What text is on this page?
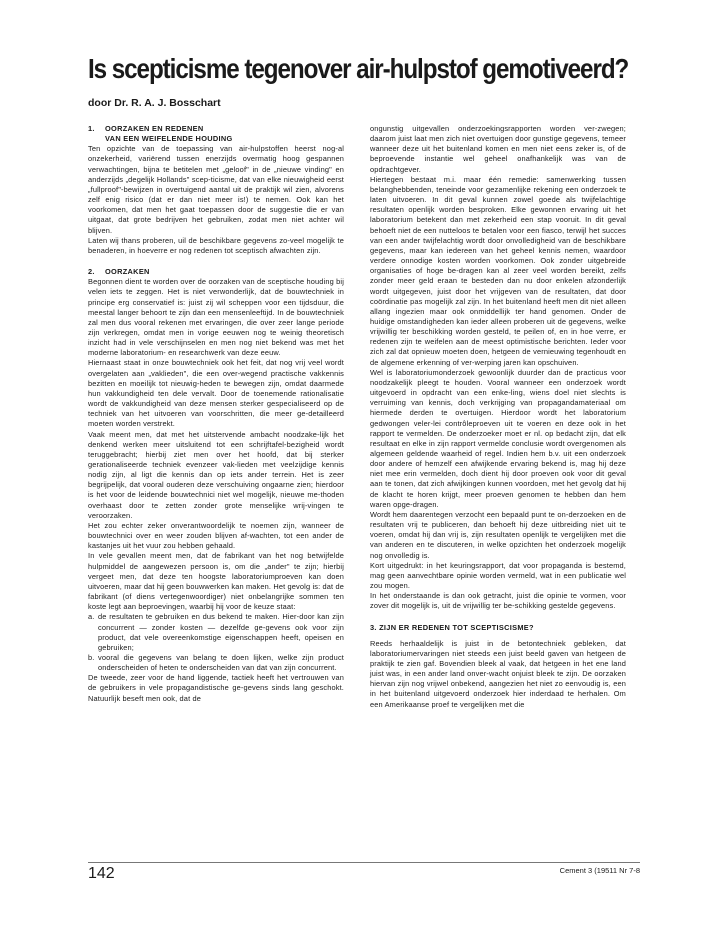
Is scepticisme tegenover air-hulpstof gemotiveerd?
door Dr. R. A. J. Bosschart

1. OORZAKEN EN REDENEN

VAN EEN WEIFELENDE HOUDING

Ten opzichte van de toepassing van air-hulpstoffen heerst nog-al onzekerheid, variërend tussen enerzijds overmatig hoog gespannen verwachtingen, bijna te betitelen met „geloof" in de „nieuwe vinding" en anderzijds „degelijk Hollands" scep-ticisme, dat van elke nieuwigheid eerst „fullproof"-bewijzen in overtuigend aantal uit de praktijk wil zien, alvorens zelf enig risico (dat er dan niet meer is!) te nemen. Ook kan het voorkomen, dat men het gaat toepassen door de suggestie die er van uitgaat, dat grote bedrijven het gebruiken, zodat men niet achter wil blijven.

Laten wij thans proberen, uil de beschikbare gegevens zo-veel mogelijk te benaderen, in hoeverre er nog redenen tot sceptisch afwachten zijn.

2. OORZAKEN

Begonnen dient te worden over de oorzaken van de sceptische houding bij velen iets te zeggen. Het is niet verwonderlijk, dat de bouwtechniek in principe erg conservatief is: juist zij wil scheppen voor een tijdsduur, die meestal langer behoort te zijn dan een mensenleeftijd. In de bouwtechniek zal men dus vooral rekenen met ervaringen, die over zeer lange periode zijn verkregen, omdat men in vorige eeuwen nog te weinig theoretisch inzicht had in vele verschijnselen en men nog niet bekend was met het moderne laboratorium- en researchwerk van deze eeuw.

Hiernaast staat in onze bouwtechniek ook het feit, dat nog vrij veel wordt overgelaten aan „vaklieden", die een over-wegend practische vakkennis bezitten en moeilijk tot nieuwig-heden te bewegen zijn, omdat daarmede hun vakkundigheid ten dele vervalt. Door de toenemende rationalisatie wordt de vakkundigheid van deze mensen sterker gespecialiseerd op de techniek van het uitvoeren van voorschritten, die meer ge-detailleerd moeten worden verstrekt.

Vaak meent men, dat met het uitstervende ambacht noodzake-lijk het denkend werken meer uitsluitend tot een schrijftafel-bezigheid wordt teruggebracht; hierbij ziet men over het hoofd, dat bij sterker gerationaliseerde techniek evenzeer vak-lieden met veelzijdige kennis nodig zijn, al ligt die kennis dan op iets ander terrein. Het is zeer begrijpelijk, dat vooral ouderen deze verschuiving ongaarne zien; hierdoor is het voor de leidende bouwtechnici niet wel mogelijk, nieuwe me-thoden overhaast door te zetten zonder grote menselijke wrij-vingen te veroorzaken.

Het zou echter zeker onverantwoordelijk te noemen zijn, wanneer de bouwtechnici over en weer zouden blijven af-wachten, tot een ander de kastanjes uit het vuur zou hebben gehaald.

In vele gevallen meent men, dat de fabrikant van het nog betwijfelde hulpmiddel de aangewezen persoon is, om die „ander" te zijn; hierbij vergeet men, dat deze ten hoogste laboratoriumproeven kan doen uitvoeren, maar dat hij geen bouwwerken kan maken. Het gevolg is: dat de fabrikant (of diens vertegenwoordiger) niet onbelangrijke sommen ten koste legt aan beproevingen, waarbij hij voor de keuze staat:

a. de resultaten te gebruiken en dus bekend te maken. Hier-door kan zijn concurrent — zonder kosten — dezelfde ge-gevens ook voor zijn product, dat vele overeenkomstige eigenschappen heeft, opeisen en gebruiken;
b. vooral die gegevens van belang te doen lijken, welke zijn product onderscheiden of heten te onderscheiden van dat van zijn concurrent.

De tweede, zeer voor de hand liggende, tactiek heeft het vertrouwen van de gebruikers in vele propagandistische ge-gevens sinds lang geschokt. Natuurlijk beseft men ook, dat de

ongunstig uitgevallen onderzoekingsrapporten worden ver-zwegen; daarom juist laat men zich niet overtuigen door gunstige gegevens, temeer wanneer deze uit het buitenland komen en men niet eens zeker is, of de beproevende instantie wel geheel onafhankelijk was van de opdrachtgever.

Hiertegen bestaat m.i. maar één remedie: samenwerking tussen belanghebbenden, teneinde voor gezamenlijke rekening een onderzoek te laten uitvoeren. In dit geval kunnen zowel goede als twijfelachtige resultaten openlijk worden besproken. Elke gewonnen ervaring uit het laboratorium betekent dan met zekerheid een stap vooruit. In dit geval behoeft niet de een nutteloos te betalen voor een fiasco, terwijl het succes van een ander twijfelachtig wordt door onvolledigheid van de beschikbare gegevens, maar kan iedereen van het geheel kennis nemen, waardoor verdere onnodige kosten worden voorkomen. Ook zonder uitgebreide organisaties of hoge be-dragen kan al zeer veel worden bereikt, zelfs zonder meer geld eraan te besteden dan nu door enkelen afzonderlijk wordt uitgegeven, juist door het vrijgeven van de resultaten, dat door coördinatie pas mogelijk zal zijn. In het buitenland heeft men dit niet alleen allang ingezien maar ook onmiddellijk ter hand genomen. Onder de huidige omstandigheden kan ieder alleen proberen uit de gegevens, welke vrijwillig ter beschikking worden gesteld, te peilen of, en in hoe verre, er redenen zijn te weifelen aan de meest optimistische berichten. Ieder voor zich zal dat opnieuw moeten doen, hetgeen de vernieuwing tegenhoudt en de algemene erkenning of ver-werping jaren kan opschuiven.

Wel is laboratoriumonderzoek gewoonlijk duurder dan de practicus voor noodzakelijk pleegt te houden. Vooral wanneer een onderzoek wordt uitgevoerd in opdracht van een enke-ling, wiens doel niet slechts is verruiming van kennis, doch verkrijging van propagandamateriaal om hiermede derden te overtuigen. Hierdoor wordt het laboratorium gedwongen veler-lei contrôleproeven uit te voeren en deze ook in het rapport te vermelden. De onderzoeker moet er nl. op bedacht zijn, dat elk resultaat en elke in zijn rapport vermelde conclusie wordt overgenomen als algemeen geldende waarheid of regel. Indien hem b.v. uit een onderzoek door andere of hemzelf een afwijkende ervaring bekend is, mag hij deze niet mee erin vermelden, doch dient hij door proeven ook voor dit geval aan te tonen, dat zich afwijkingen kunnen voordoen, met het gevolg dat hij de klacht te horen krijgt, meer proeven genomen te hebben dan hem waren opge-dragen.

Wordt hem daarentegen verzocht een bepaald punt te on-derzoeken en de resultaten vrij te publiceren, dan behoeft hij deze uitbreiding niet uit te voeren, omdat hij dan vrij is, zijn resultaten openlijk te vergelijken met die van anderen en te discuteren, in welke opzichten het onderzoek mogelijk nog onvolledig is.

Kort uitgedrukt: in het keuringsrapport, dat voor propaganda is bestemd, mag geen aanvechtbare opinie worden vermeld, wat in een publicatie wel zou mogen.

In het onderstaande is dan ook getracht, juist die opinie te vormen, voor zover dit mogelijk is, uit de vrijwillig ter be-schikking gestelde gegevens.

3. ZIJN ER REDENEN TOT SCEPTISCISME?

Reeds herhaaldelijk is juist in de betontechniek gebleken, dat laboratoriumervaringen niet steeds een juist beeld gaven van hetgeen de praktijk te zien gaf. Bovendien bleek al vaak, dat hetgeen in het ene land juist was, in een ander land onver-wacht onjuist bleek te zijn. De oorzaken hiervan zijn nog vrijwel onbekend, aangezien het niet zo eenvoudig is, een in het buitenland uitgevoerd onderzoek hier inderdaad te herhalen. Om een Amerikaanse proef te vergelijken met die

142	Cement 3 (19511 Nr 7-8
